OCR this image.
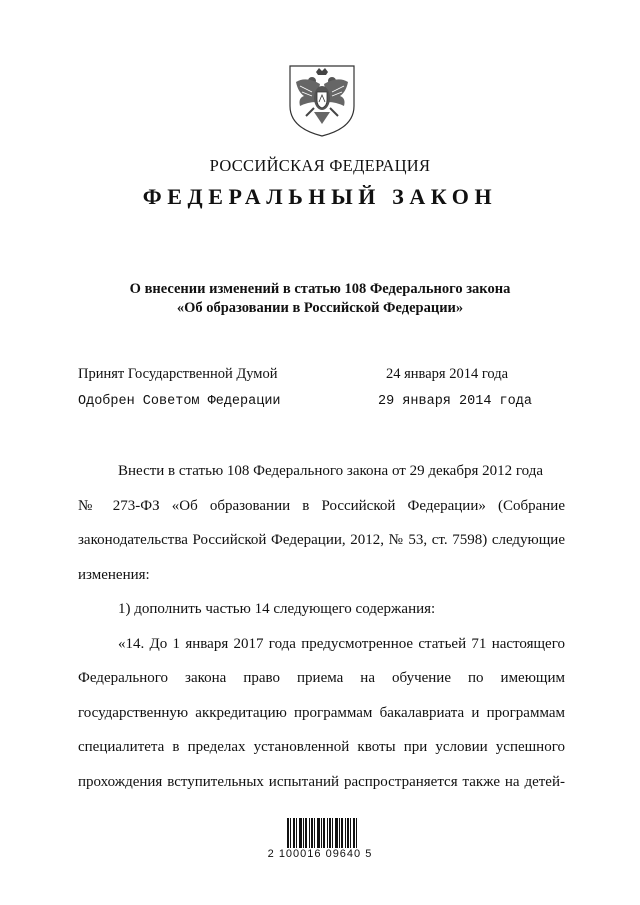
РОССИЙСКАЯ ФЕДЕРАЦИЯ
ФЕДЕРАЛЬНЫЙ ЗАКОН
О внесении изменений в статью 108 Федерального закона
«Об образовании в Российской Федерации»
Принят Государственной Думой	24 января 2014 года
Одобрен Советом Федерации	29 января 2014 года
Внести в статью 108 Федерального закона от 29 декабря 2012 года
№ 273-ФЗ «Об образовании в Российской Федерации» (Собрание
законодательства Российской Федерации, 2012, № 53, ст. 7598) следующие
изменения:
1) дополнить частью 14 следующего содержания:
«14. До 1 января 2017 года предусмотренное статьей 71 настоящего
Федерального закона право приема на обучение по имеющим
государственную аккредитацию программам бакалавриата и программам
специалитета в пределах установленной квоты при условии успешного
прохождения вступительных испытаний распространяется также на детей-
2 100016 09640 5
